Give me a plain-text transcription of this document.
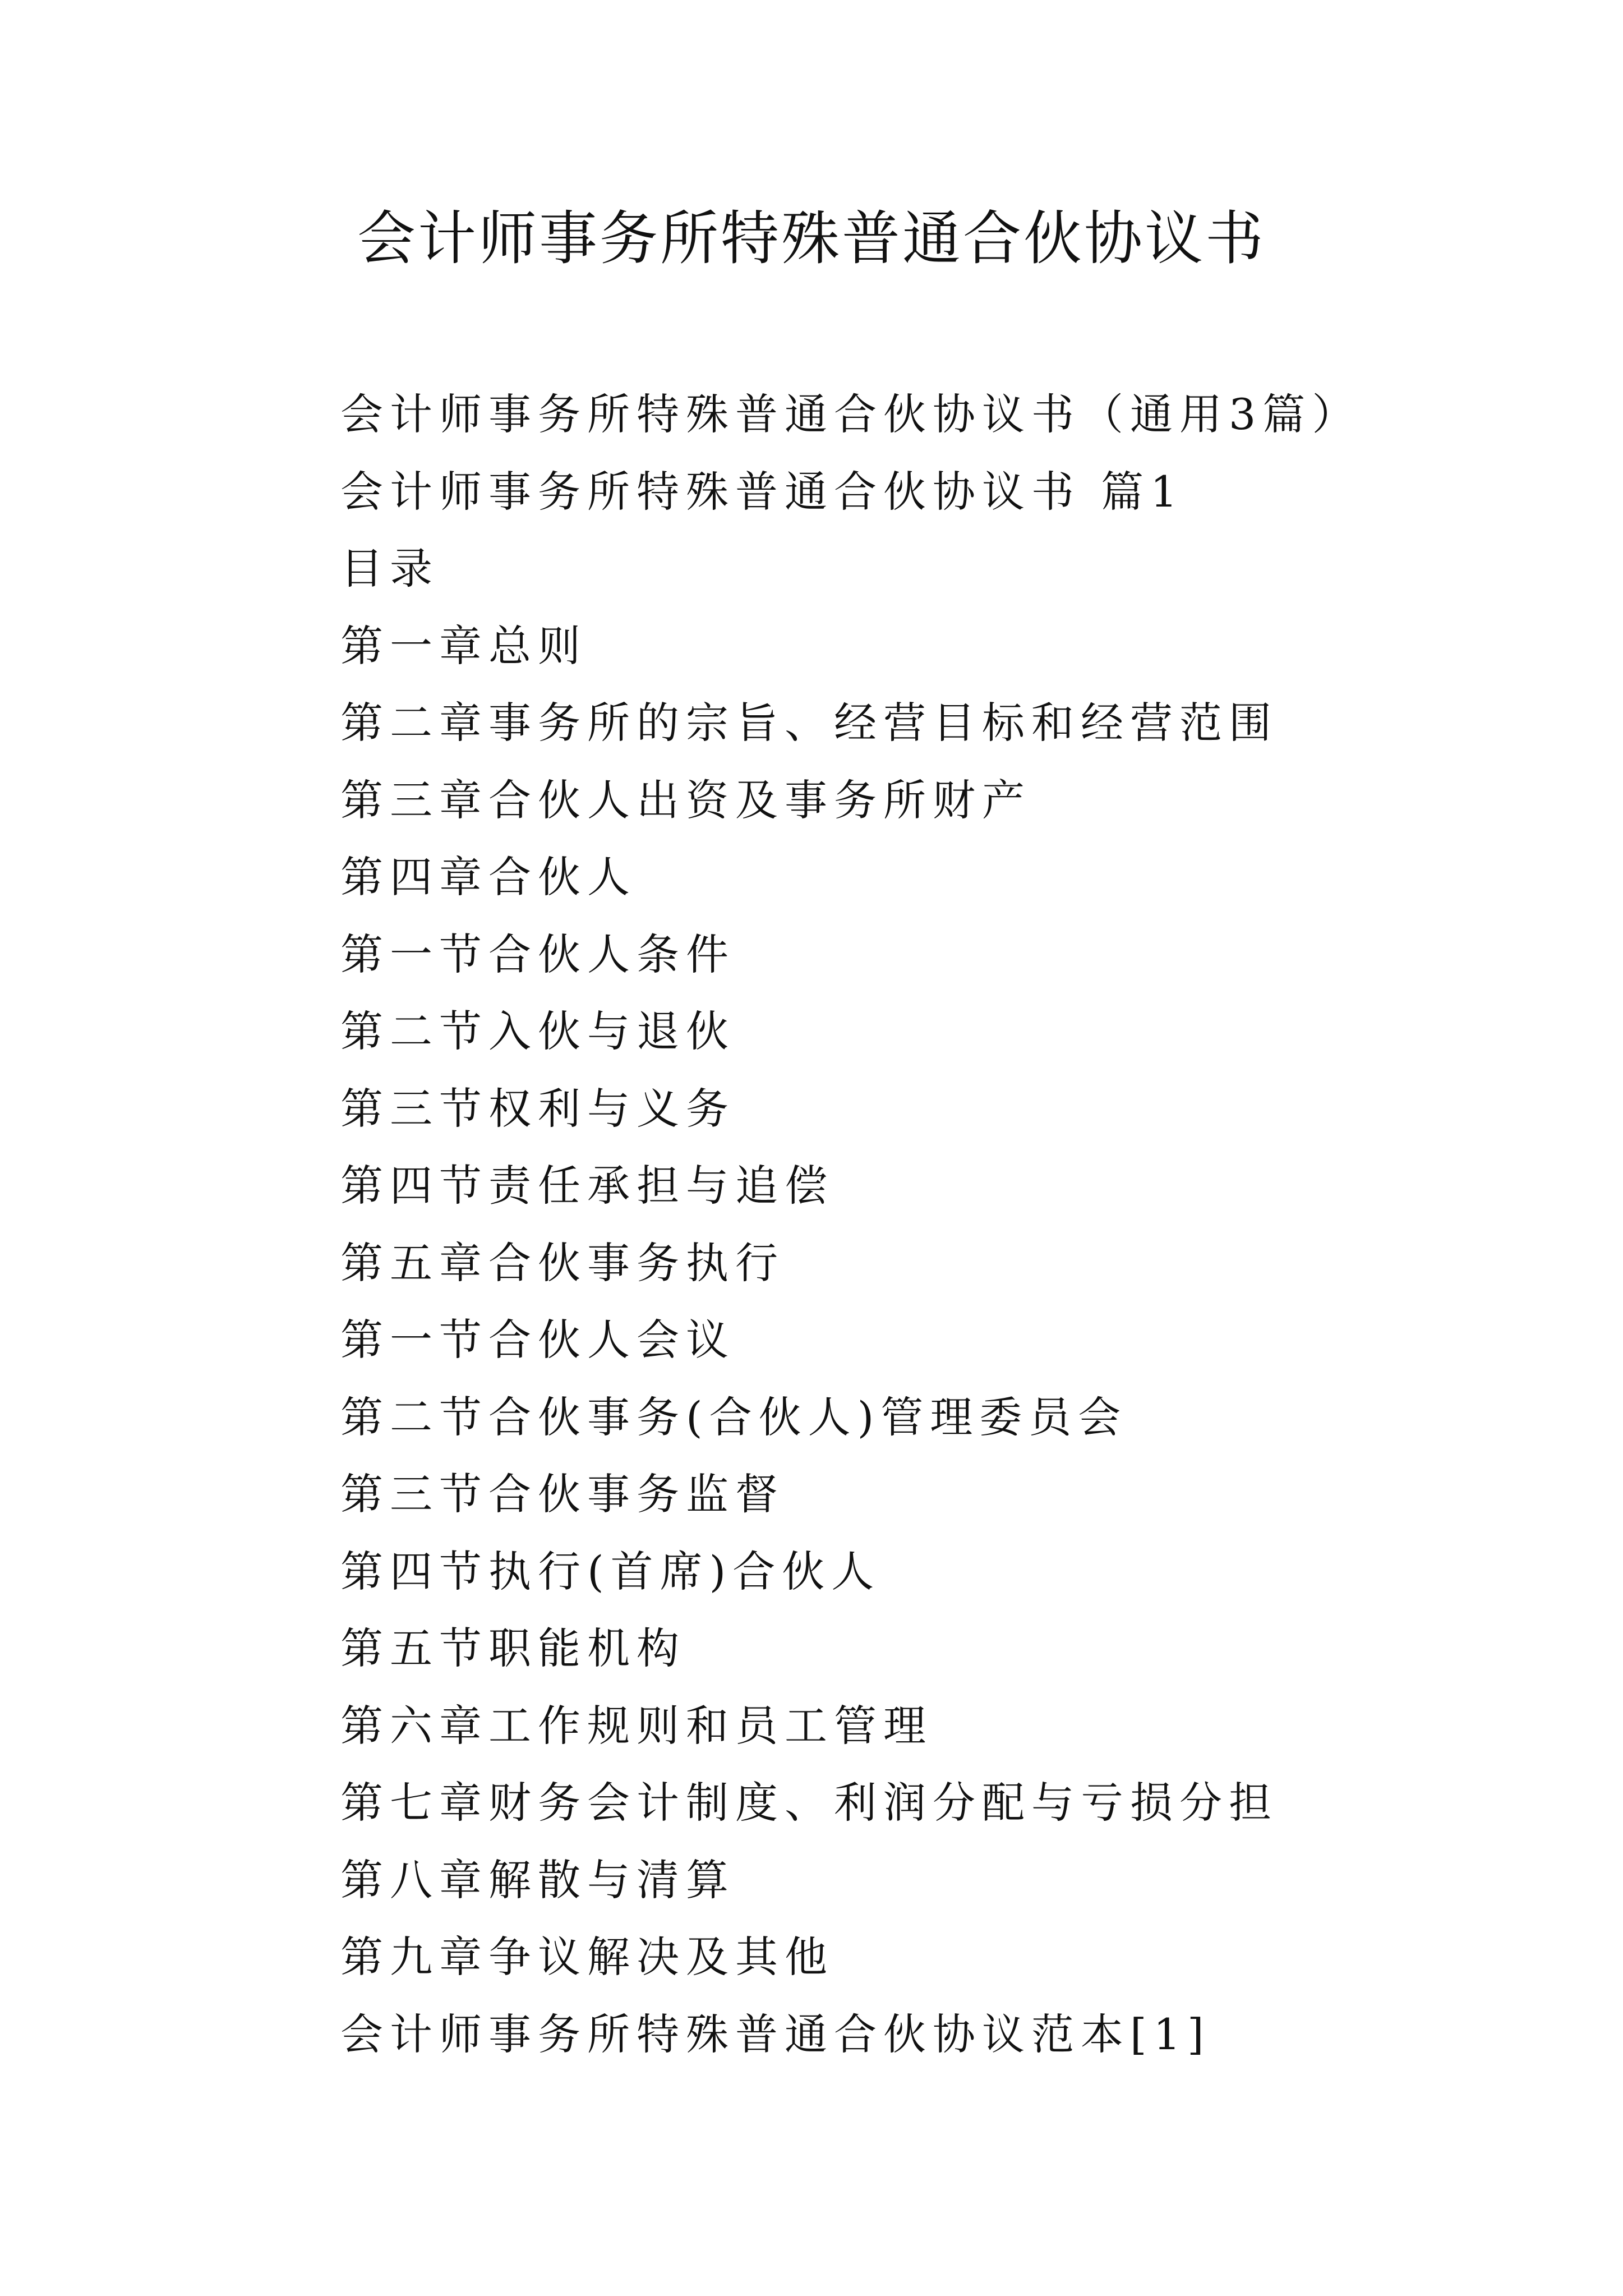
会计师事务所特殊普通合伙协议书
会计师事务所特殊普通合伙协议书（通用3篇）
会计师事务所特殊普通合伙协议书 篇1
目录
第一章总则
第二章事务所的宗旨、经营目标和经营范围
第三章合伙人出资及事务所财产
第四章合伙人
第一节合伙人条件
第二节入伙与退伙
第三节权利与义务
第四节责任承担与追偿
第五章合伙事务执行
第一节合伙人会议
第二节合伙事务(合伙人)管理委员会
第三节合伙事务监督
第四节执行(首席)合伙人
第五节职能机构
第六章工作规则和员工管理
第七章财务会计制度、利润分配与亏损分担
第八章解散与清算
第九章争议解决及其他
会计师事务所特殊普通合伙协议范本[1]
